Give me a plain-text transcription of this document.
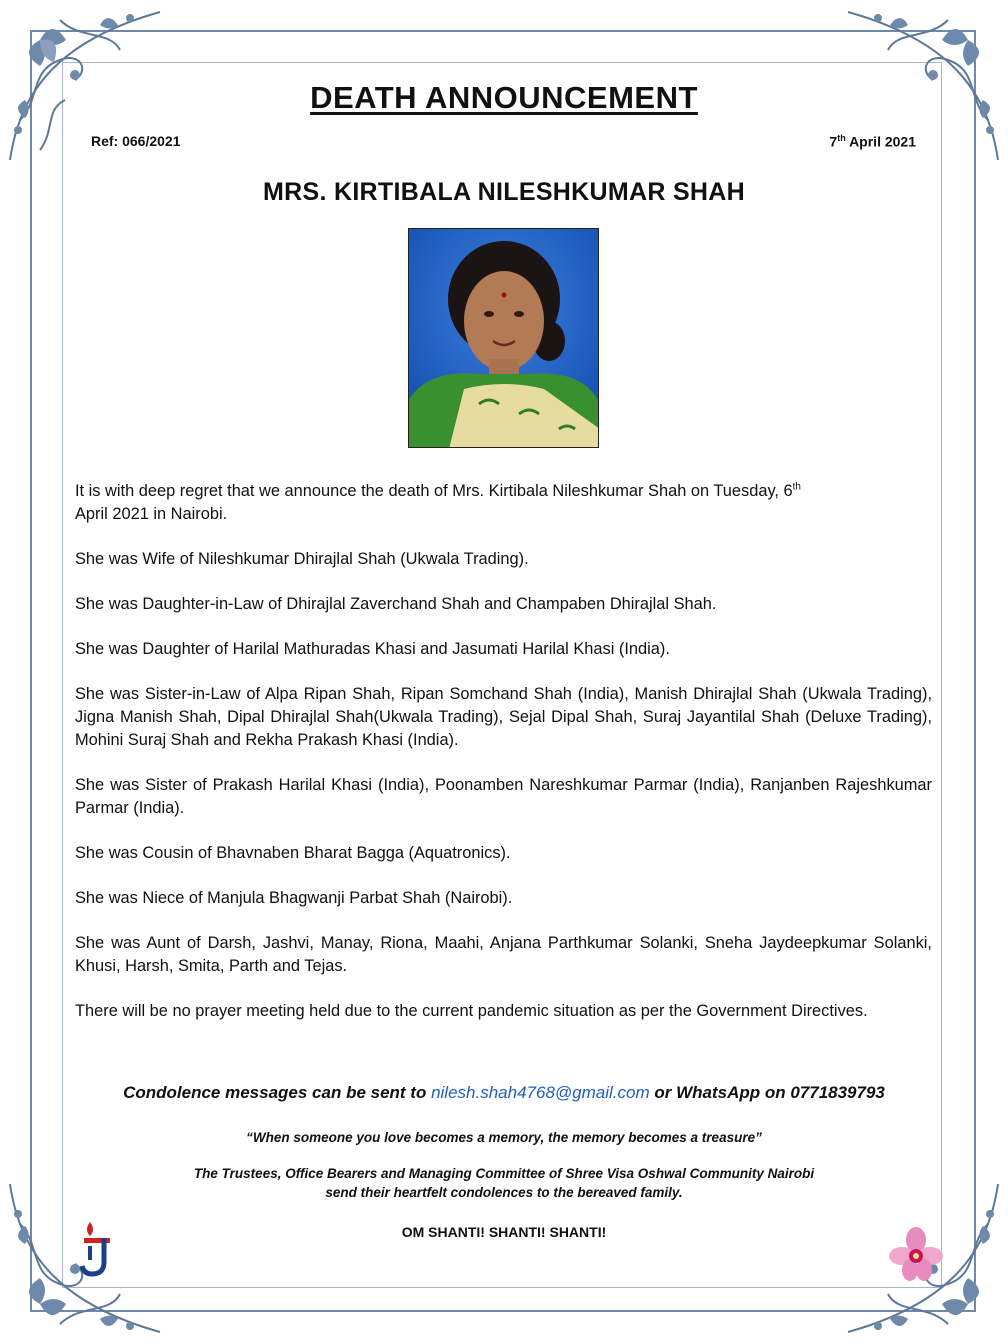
DEATH ANNOUNCEMENT
Ref: 066/2021	7th April 2021
MRS. KIRTIBALA NILESHKUMAR SHAH

It is with deep regret that we announce the death of Mrs. Kirtibala Nileshkumar Shah on Tuesday, 6th
April 2021 in Nairobi.

She was Wife of Nileshkumar Dhirajlal Shah (Ukwala Trading).

She was Daughter-in-Law of Dhirajlal Zaverchand Shah and Champaben Dhirajlal Shah.

She was Daughter of Harilal Mathuradas Khasi and Jasumati Harilal Khasi (India).

She was Sister-in-Law of Alpa Ripan Shah, Ripan Somchand Shah (India), Manish Dhirajlal Shah (Ukwala Trading), Jigna Manish Shah, Dipal Dhirajlal Shah(Ukwala Trading), Sejal Dipal Shah, Suraj Jayantilal Shah (Deluxe Trading), Mohini Suraj Shah and Rekha Prakash Khasi (India).

She was Sister of Prakash Harilal Khasi (India), Poonamben Nareshkumar Parmar (India), Ranjanben Rajeshkumar Parmar (India).

She was Cousin of Bhavnaben Bharat Bagga (Aquatronics).

She was Niece of Manjula Bhagwanji Parbat Shah (Nairobi).

She was Aunt of Darsh, Jashvi, Manay, Riona, Maahi, Anjana Parthkumar Solanki, Sneha Jaydeepkumar Solanki, Khusi, Harsh, Smita, Parth and Tejas.

There will be no prayer meeting held due to the current pandemic situation as per the Government Directives.

Condolence messages can be sent to nilesh.shah4768@gmail.com or WhatsApp on 0771839793
“When someone you love becomes a memory, the memory becomes a treasure”
The Trustees, Office Bearers and Managing Committee of Shree Visa Oshwal Community Nairobi
send their heartfelt condolences to the bereaved family.
OM SHANTI! SHANTI! SHANTI!
